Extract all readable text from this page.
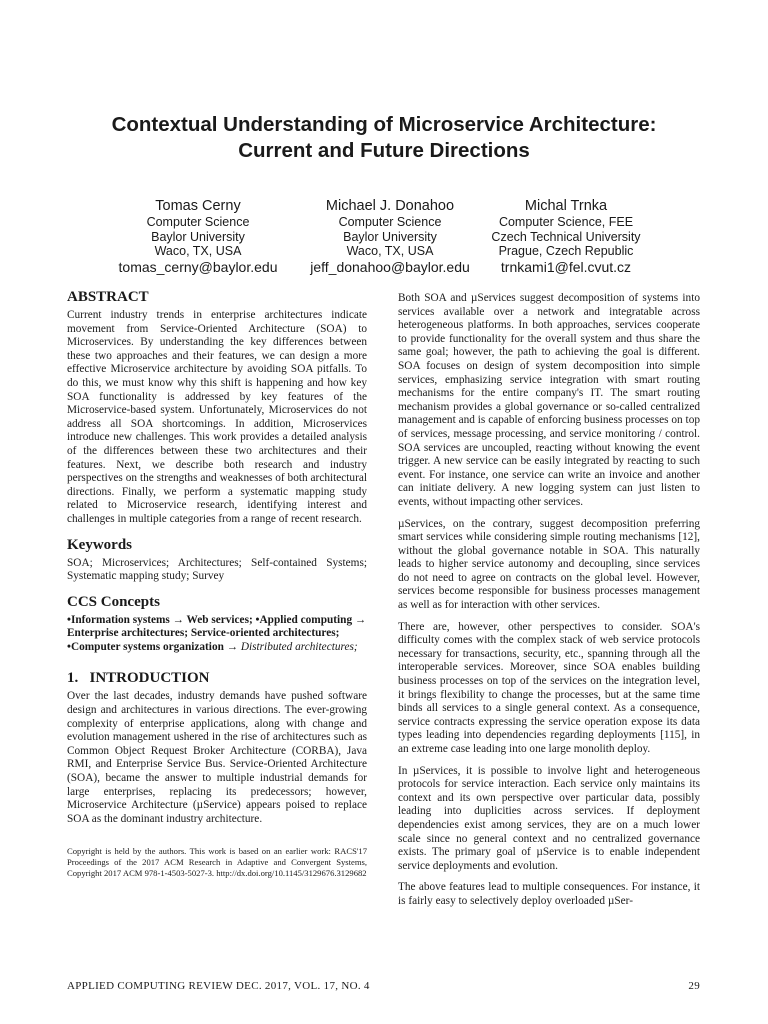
Contextual Understanding of Microservice Architecture:
Current and Future Directions
Tomas Cerny
Computer Science
Baylor University
Waco, TX, USA
tomas_cerny@baylor.edu
Michael J. Donahoo
Computer Science
Baylor University
Waco, TX, USA
jeff_donahoo@baylor.edu
Michal Trnka
Computer Science, FEE
Czech Technical University
Prague, Czech Republic
trnkami1@fel.cvut.cz
ABSTRACT

Current industry trends in enterprise architectures indicate movement from Service-Oriented Architecture (SOA) to Microservices. By understanding the key differences between these two approaches and their features, we can design a more effective Microservice architecture by avoiding SOA pitfalls. To do this, we must know why this shift is happening and how key SOA functionality is addressed by key features of the Microservice-based system. Unfortunately, Microservices do not address all SOA shortcomings. In addition, Microservices introduce new challenges. This work provides a detailed analysis of the differences between these two architectures and their features. Next, we describe both research and industry perspectives on the strengths and weaknesses of both architectural directions. Finally, we perform a systematic mapping study related to Microservice research, identifying interest and challenges in multiple categories from a range of recent research.

Keywords

SOA; Microservices; Architectures; Self-contained Systems; Systematic mapping study; Survey

CCS Concepts

•Information systems → Web services; •Applied computing → Enterprise architectures; Service-oriented architectures; •Computer systems organization → Distributed architectures;

1.   INTRODUCTION

Over the last decades, industry demands have pushed software design and architectures in various directions. The ever-growing complexity of enterprise applications, along with change and evolution management ushered in the rise of architectures such as Common Object Request Broker Architecture (CORBA), Java RMI, and Enterprise Service Bus. Service-Oriented Architecture (SOA), became the answer to multiple industrial demands for large enterprises, replacing its predecessors; however, Microservice Architecture (µService) appears poised to replace SOA as the dominant industry architecture.

Copyright is held by the authors. This work is based on an earlier work: RACS'17 Proceedings of the 2017 ACM Research in Adaptive and Convergent Systems, Copyright 2017 ACM 978-1-4503-5027-3. http://dx.doi.org/10.1145/3129676.3129682

Both SOA and µServices suggest decomposition of systems into services available over a network and integratable across heterogeneous platforms. In both approaches, services cooperate to provide functionality for the overall system and thus share the same goal; however, the path to achieving the goal is different. SOA focuses on design of system decomposition into simple services, emphasizing service integration with smart routing mechanisms for the entire company's IT. The smart routing mechanism provides a global governance or so-called centralized management and is capable of enforcing business processes on top of services, message processing, and service monitoring / control. SOA services are uncoupled, reacting without knowing the event trigger. A new service can be easily integrated by reacting to such event. For instance, one service can write an invoice and another can initiate delivery. A new logging system can just listen to events, without impacting other services.

µServices, on the contrary, suggest decomposition preferring smart services while considering simple routing mechanisms [12], without the global governance notable in SOA. This naturally leads to higher service autonomy and decoupling, since services do not need to agree on contracts on the global level. However, services become responsible for business processes management as well as for interaction with other services.

There are, however, other perspectives to consider. SOA's difficulty comes with the complex stack of web service protocols necessary for transactions, security, etc., spanning through all the interoperable services. Moreover, since SOA enables building business processes on top of the services on the integration level, it brings flexibility to change the processes, but at the same time binds all services to a single general context. As a consequence, service contracts expressing the service operation expose its data types leading into dependencies regarding deployments [115], in an extreme case leading into one large monolith deploy.

In µServices, it is possible to involve light and heterogeneous protocols for service interaction. Each service only maintains its context and its own perspective over particular data, possibly leading into duplicities across services. If deployment dependencies exist among services, they are on a much lower scale since no general context and no centralized governance exists. The primary goal of µService is to enable independent service deployments and evolution.

The above features lead to multiple consequences. For instance, it is fairly easy to selectively deploy overloaded µSer-

APPLIED COMPUTING REVIEW DEC. 2017, VOL. 17, NO. 4	29
